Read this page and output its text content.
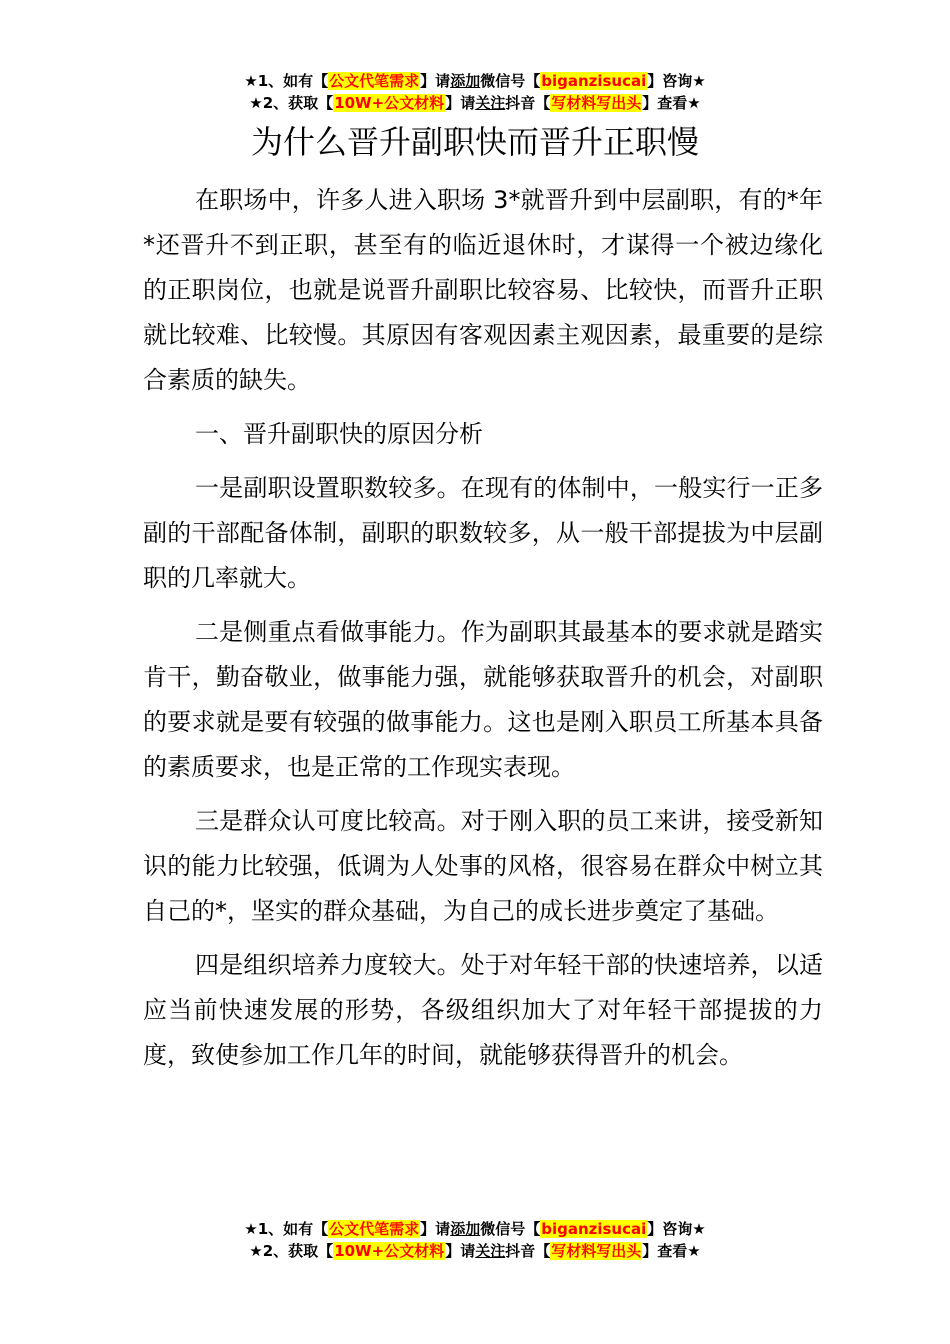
★1、如有【公文代笔需求】请添加微信号【biganzisucai】咨询★
★2、获取【10W+公文材料】请关注抖音【写材料写出头】查看★
为什么晋升副职快而晋升正职慢

在职场中，许多人进入职场 3*就晋升到中层副职，有的*年*还晋升不到正职，甚至有的临近退休时，才谋得一个被边缘化的正职岗位，也就是说晋升副职比较容易、比较快，而晋升正职就比较难、比较慢。其原因有客观因素主观因素，最重要的是综合素质的缺失。

一、晋升副职快的原因分析

一是副职设置职数较多。在现有的体制中，一般实行一正多副的干部配备体制，副职的职数较多，从一般干部提拔为中层副职的几率就大。

二是侧重点看做事能力。作为副职其最基本的要求就是踏实肯干，勤奋敬业，做事能力强，就能够获取晋升的机会，对副职的要求就是要有较强的做事能力。这也是刚入职员工所基本具备的素质要求，也是正常的工作现实表现。

三是群众认可度比较高。对于刚入职的员工来讲，接受新知识的能力比较强，低调为人处事的风格，很容易在群众中树立其自己的*，坚实的群众基础，为自己的成长进步奠定了基础。

四是组织培养力度较大。处于对年轻干部的快速培养，以适应当前快速发展的形势，各级组织加大了对年轻干部提拔的力度，致使参加工作几年的时间，就能够获得晋升的机会。

★1、如有【公文代笔需求】请添加微信号【biganzisucai】咨询★
★2、获取【10W+公文材料】请关注抖音【写材料写出头】查看★
